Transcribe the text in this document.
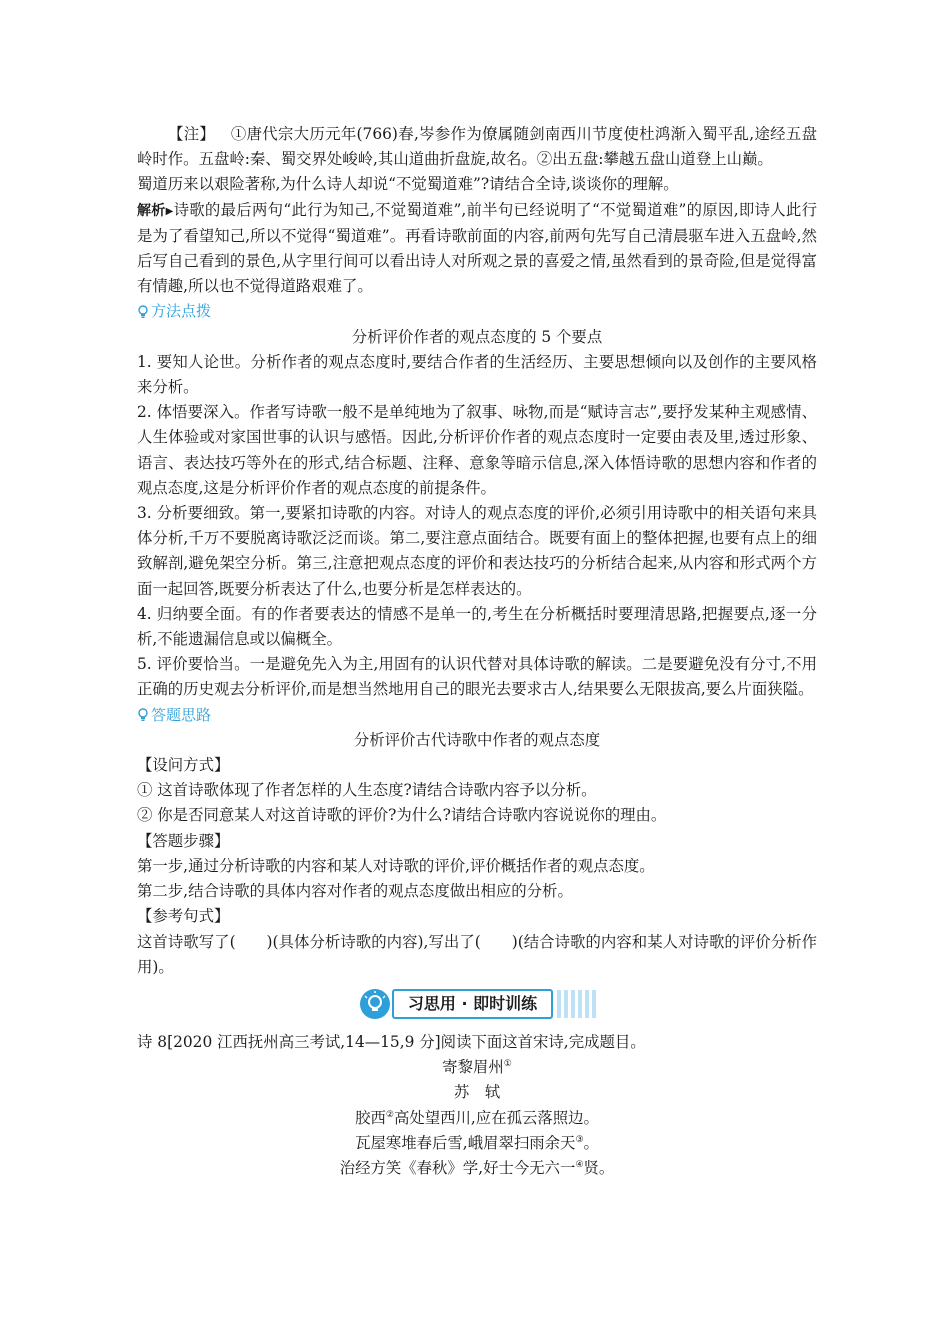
【注】 ①唐代宗大历元年(766)春,岑参作为僚属随剑南西川节度使杜鸿渐入蜀平乱,途经五盘岭时作。五盘岭:秦、蜀交界处峻岭,其山道曲折盘旋,故名。②出五盘:攀越五盘山道登上山巅。

蜀道历来以艰险著称,为什么诗人却说“不觉蜀道难”?请结合全诗,谈谈你的理解。

解析▶诗歌的最后两句“此行为知己,不觉蜀道难”,前半句已经说明了“不觉蜀道难”的原因,即诗人此行是为了看望知己,所以不觉得“蜀道难”。再看诗歌前面的内容,前两句先写自己清晨驱车进入五盘岭,然后写自己看到的景色,从字里行间可以看出诗人对所观之景的喜爱之情,虽然看到的景奇险,但是觉得富有情趣,所以也不觉得道路艰难了。

方法点拨

分析评价作者的观点态度的 5 个要点

1. 要知人论世。分析作者的观点态度时,要结合作者的生活经历、主要思想倾向以及创作的主要风格来分析。

2. 体悟要深入。作者写诗歌一般不是单纯地为了叙事、咏物,而是“赋诗言志”,要抒发某种主观感情、人生体验或对家国世事的认识与感悟。因此,分析评价作者的观点态度时一定要由表及里,透过形象、语言、表达技巧等外在的形式,结合标题、注释、意象等暗示信息,深入体悟诗歌的思想内容和作者的观点态度,这是分析评价作者的观点态度的前提条件。

3. 分析要细致。第一,要紧扣诗歌的内容。对诗人的观点态度的评价,必须引用诗歌中的相关语句来具体分析,千万不要脱离诗歌泛泛而谈。第二,要注意点面结合。既要有面上的整体把握,也要有点上的细致解剖,避免架空分析。第三,注意把观点态度的评价和表达技巧的分析结合起来,从内容和形式两个方面一起回答,既要分析表达了什么,也要分析是怎样表达的。

4. 归纳要全面。有的作者要表达的情感不是单一的,考生在分析概括时要理清思路,把握要点,逐一分析,不能遗漏信息或以偏概全。

5. 评价要恰当。一是避免先入为主,用固有的认识代替对具体诗歌的解读。二是要避免没有分寸,不用正确的历史观去分析评价,而是想当然地用自己的眼光去要求古人,结果要么无限拔高,要么片面狭隘。

答题思路

分析评价古代诗歌中作者的观点态度

【设问方式】

① 这首诗歌体现了作者怎样的人生态度?请结合诗歌内容予以分析。

② 你是否同意某人对这首诗歌的评价?为什么?请结合诗歌内容说说你的理由。

【答题步骤】

第一步,通过分析诗歌的内容和某人对诗歌的评价,评价概括作者的观点态度。

第二步,结合诗歌的具体内容对作者的观点态度做出相应的分析。

【参考句式】

这首诗歌写了(　　)(具体分析诗歌的内容),写出了(　　)(结合诗歌的内容和某人对诗歌的评价分析作用)。

习思用 · 即时训练

诗 8[2020 江西抚州高三考试,14—15,9 分]阅读下面这首宋诗,完成题目。

寄黎眉州①

苏　轼

胶西②高处望西川,应在孤云落照边。

瓦屋寒堆春后雪,峨眉翠扫雨余天③。

治经方笑《春秋》学,好士今无六一④贤。
